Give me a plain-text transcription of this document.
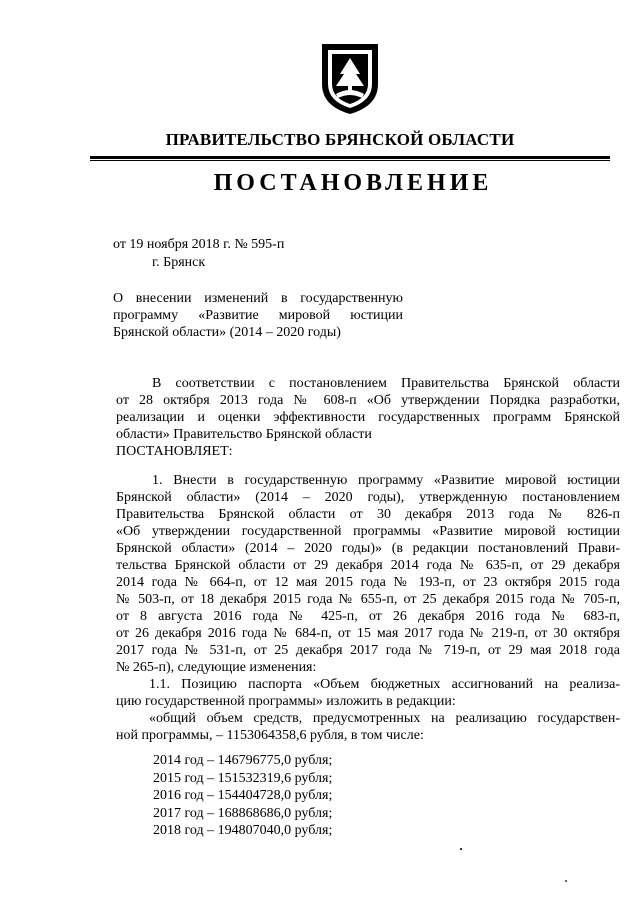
ПРАВИТЕЛЬСТВО БРЯНСКОЙ ОБЛАСТИ
ПОСТАНОВЛЕНИЕ
от 19 ноября 2018 г. № 595-п
г. Брянск
О внесении изменений в государственную
программу «Развитие мировой юстиции
Брянской области» (2014 – 2020 годы)
В соответствии с постановлением Правительства Брянской области
от 28 октября 2013 года № 608-п «Об утверждении Порядка разработки,
реализации и оценки эффективности государственных программ Брянской
области» Правительство Брянской области
ПОСТАНОВЛЯЕТ:
1. Внести в государственную программу «Развитие мировой юстиции
Брянской области» (2014 – 2020 годы), утвержденную постановлением
Правительства Брянской области от 30 декабря 2013 года № 826-п
«Об утверждении государственной программы «Развитие мировой юстиции
Брянской области» (2014 – 2020 годы)» (в редакции постановлений Прави-
тельства Брянской области от 29 декабря 2014 года № 635-п, от 29 декабря
2014 года № 664-п, от 12 мая 2015 года № 193-п, от 23 октября 2015 года
№ 503-п, от 18 декабря 2015 года № 655-п, от 25 декабря 2015 года № 705-п,
от 8 августа 2016 года № 425-п, от 26 декабря 2016 года № 683-п,
от 26 декабря 2016 года № 684-п, от 15 мая 2017 года № 219-п, от 30 октября
2017 года № 531-п, от 25 декабря 2017 года № 719-п, от 29 мая 2018 года
№ 265-п), следующие изменения:
1.1. Позицию паспорта «Объем бюджетных ассигнований на реализа-
цию государственной программы» изложить в редакции:
«общий объем средств, предусмотренных на реализацию государствен-
ной программы, – 1153064358,6 рубля, в том числе:
2014 год – 146796775,0 рубля;
2015 год – 151532319,6 рубля;
2016 год – 154404728,0 рубля;
2017 год – 168868686,0 рубля;
2018 год – 194807040,0 рубля;
